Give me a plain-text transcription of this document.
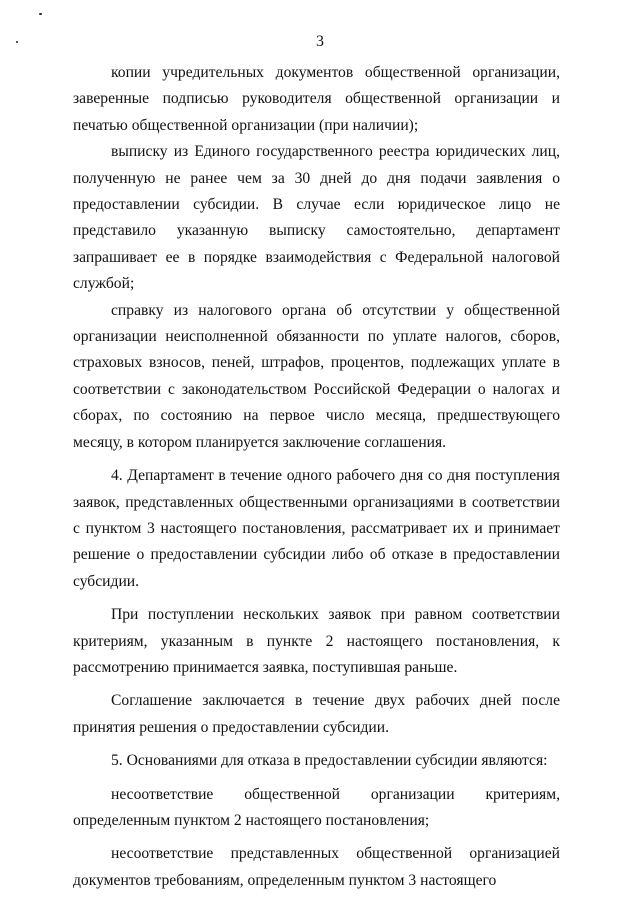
3

копии учредительных документов общественной организации, заверенные подписью руководителя общественной организации и печатью общественной организации (при наличии);

выписку из Единого государственного реестра юридических лиц, полученную не ранее чем за 30 дней до дня подачи заявления о предоставлении субсидии. В случае если юридическое лицо не представило указанную выписку самостоятельно, департамент запрашивает ее в порядке взаимодействия с Федеральной налоговой службой;

справку из налогового органа об отсутствии у общественной организации неисполненной обязанности по уплате налогов, сборов, страховых взносов, пеней, штрафов, процентов, подлежащих уплате в соответствии с законодательством Российской Федерации о налогах и сборах, по состоянию на первое число месяца, предшествующего месяцу, в котором планируется заключение соглашения.

4. Департамент в течение одного рабочего дня со дня поступления заявок, представленных общественными организациями в соответствии с пунктом 3 настоящего постановления, рассматривает их и принимает решение о предоставлении субсидии либо об отказе в предоставлении субсидии.

При поступлении нескольких заявок при равном соответствии критериям, указанным в пункте 2 настоящего постановления, к рассмотрению принимается заявка, поступившая раньше.

Соглашение заключается в течение двух рабочих дней после принятия решения о предоставлении субсидии.

5. Основаниями для отказа в предоставлении субсидии являются:

несоответствие общественной организации критериям, определенным пунктом 2 настоящего постановления;

несоответствие представленных общественной организацией документов требованиям, определенным пунктом 3 настоящего
